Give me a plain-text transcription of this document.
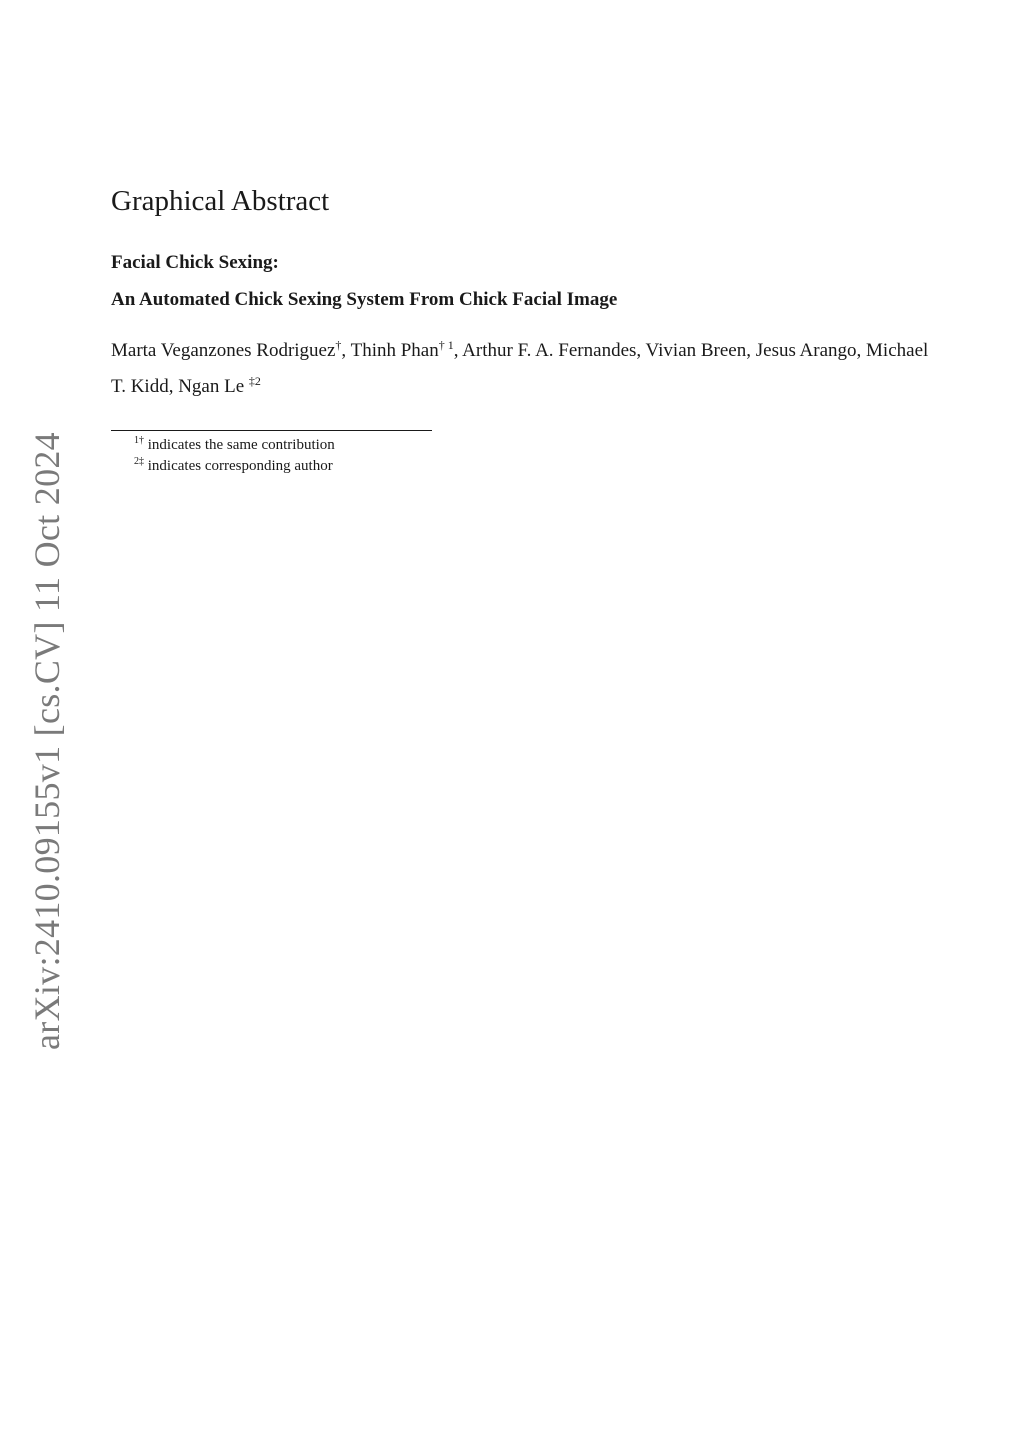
arXiv:2410.09155v1 [cs.CV] 11 Oct 2024
Graphical Abstract

Facial Chick Sexing:

An Automated Chick Sexing System From Chick Facial Image

Marta Veganzones Rodriguez†, Thinh Phan$^{\dagger 1}$, Arthur F. A. Fernandes, Vivian Breen, Jesus Arango, Michael T. Kidd, Ngan Le $^{\ddagger 2}$

$^{1\dagger}$ indicates the same contribution

$^{2\ddagger}$ indicates corresponding author
